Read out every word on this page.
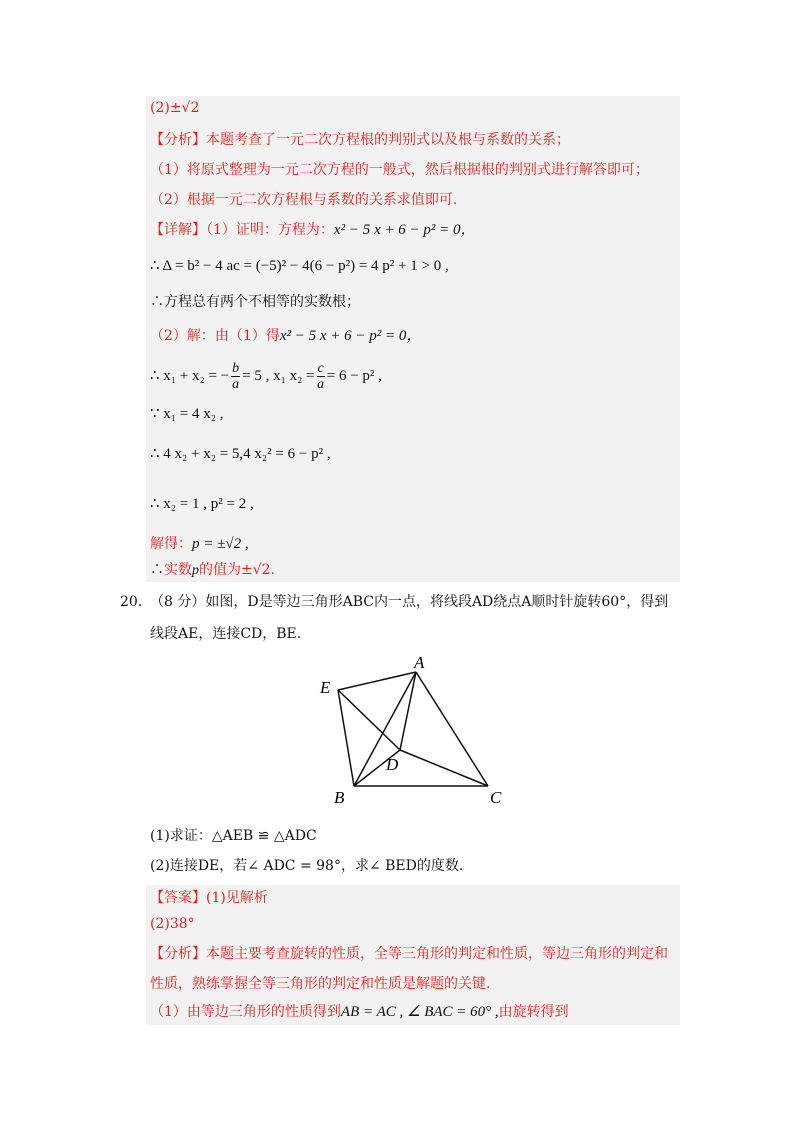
(2)±√2
【分析】本题考查了一元二次方程根的判别式以及根与系数的关系；
（1）将原式整理为一元二次方程的一般式，然后根据根的判别式进行解答即可；
（2）根据一元二次方程根与系数的关系求值即可.
【详解】（1）证明：方程为：x² − 5 x + 6 − p² = 0，
∴ Δ = b² − 4 ac = (−5)² − 4(6 − p²) = 4 p² + 1 > 0 ,
∴方程总有两个不相等的实数根；
（2）解：由（1）得x² − 5 x + 6 − p² = 0，
∴ x₁ + x₂ = − $\frac{b}{a} = 5$ , x₁ $x_2 = \frac{c}{a} = 6 - p^2$ ,
∵ x₁ = 4 x₂ ,
∴ 4 x₂ + x₂ = 5,4 x₂² = 6 − p² ,
∴ x₂ = 1 , p² = 2 ,
解得：p = ±√2 ,
∴实数p的值为±√2.
20. （8 分）如图，D是等边三角形ABC内一点，将线段AD绕点A顺时针旋转60°，得到
线段AE，连接CD，BE.
A
E
D
B	C
(1)求证：△AEB ≌ △ADC
(2)连接DE，若∠ ADC = 98°，求∠ BED的度数.
【答案】(1)见解析
(2)38°
【分析】本题主要考查旋转的性质，全等三角形的判定和性质，等边三角形的判定和
性质，熟练掌握全等三角形的判定和性质是解题的关键.
（1）由等边三角形的性质得到AB = AC , ∠ BAC = 60° ,由旋转得到
